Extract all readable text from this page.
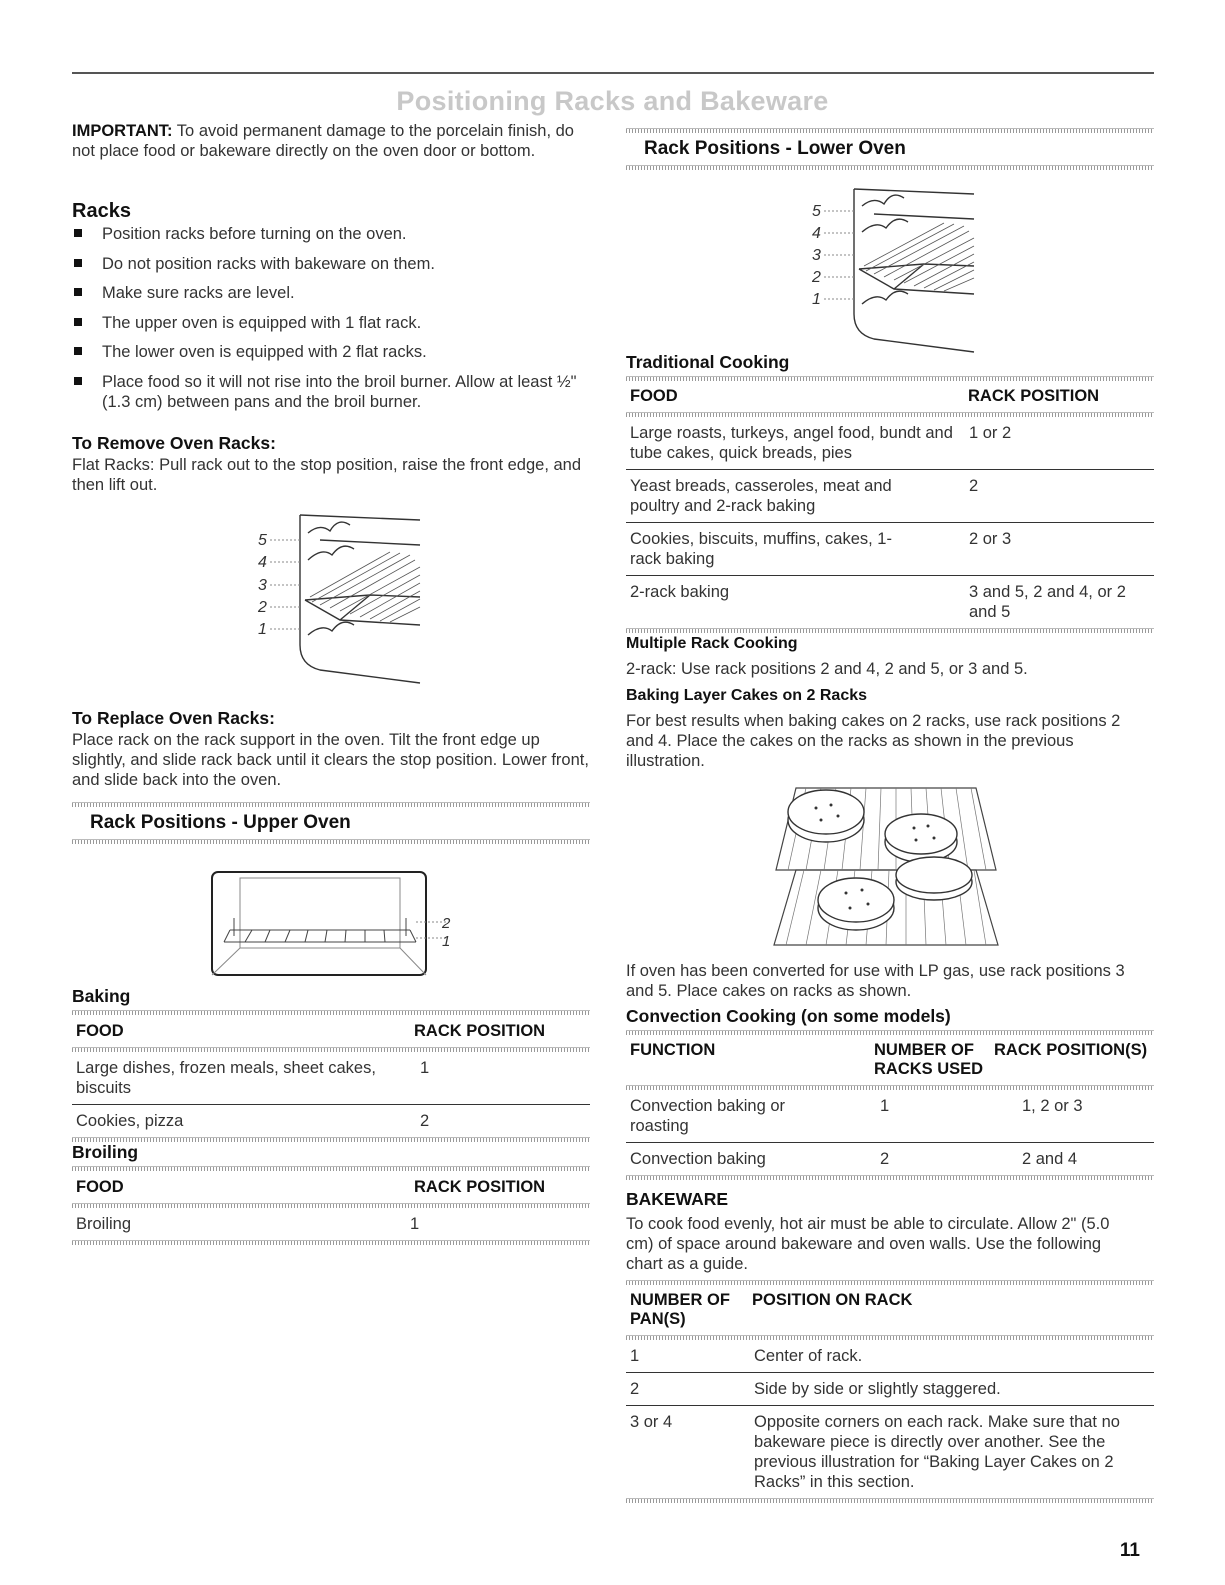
Positioning Racks and Bakeware

IMPORTANT: To avoid permanent damage to the porcelain finish, do not place food or bakeware directly on the oven door or bottom.

Racks
Position racks before turning on the oven.
Do not position racks with bakeware on them.
Make sure racks are level.
The upper oven is equipped with 1 flat rack.
The lower oven is equipped with 2 flat racks.
Place food so it will not rise into the broil burner. Allow at least ½" (1.3 cm) between pans and the broil burner.
To Remove Oven Racks:

Flat Racks: Pull rack out to the stop position, raise the front edge, and then lift out.

5
4
3
2
1
To Replace Oven Racks:

Place rack on the rack support in the oven. Tilt the front edge up slightly, and slide rack back until it clears the stop position. Lower front, and slide back into the oven.

Rack Positions - Upper Oven
2
1
Baking
FOOD	RACK POSITION
Large dishes, frozen meals, sheet cakes, biscuits	1
Cookies, pizza	2
Broiling
FOOD	RACK POSITION
Broiling	1
Rack Positions - Lower Oven
5
4
3
2
1
Traditional Cooking
FOOD	RACK POSITION
Large roasts, turkeys, angel food, bundt and tube cakes, quick breads, pies	1 or 2
Yeast breads, casseroles, meat and poultry and 2-rack baking	2
Cookies, biscuits, muffins, cakes, 1-rack baking	2 or 3
2-rack baking	3 and 5, 2 and 4, or 2 and 5
Multiple Rack Cooking

2-rack: Use rack positions 2 and 4, 2 and 5, or 3 and 5.

Baking Layer Cakes on 2 Racks

For best results when baking cakes on 2 racks, use rack positions 2 and 4. Place the cakes on the racks as shown in the previous illustration.

If oven has been converted for use with LP gas, use rack positions 3 and 5. Place cakes on racks as shown.

Convection Cooking (on some models)
FUNCTION	NUMBER OF RACKS USED	RACK POSITION(S)
Convection baking or roasting	1	1, 2 or 3
Convection baking	2	2 and 4
BAKEWARE

To cook food evenly, hot air must be able to circulate. Allow 2" (5.0 cm) of space around bakeware and oven walls. Use the following chart as a guide.

NUMBER OF PAN(S)	POSITION ON RACK
1	Center of rack.
2	Side by side or slightly staggered.
3 or 4	Opposite corners on each rack. Make sure that no bakeware piece is directly over another. See the previous illustration for “Baking Layer Cakes on 2 Racks” in this section.
11
